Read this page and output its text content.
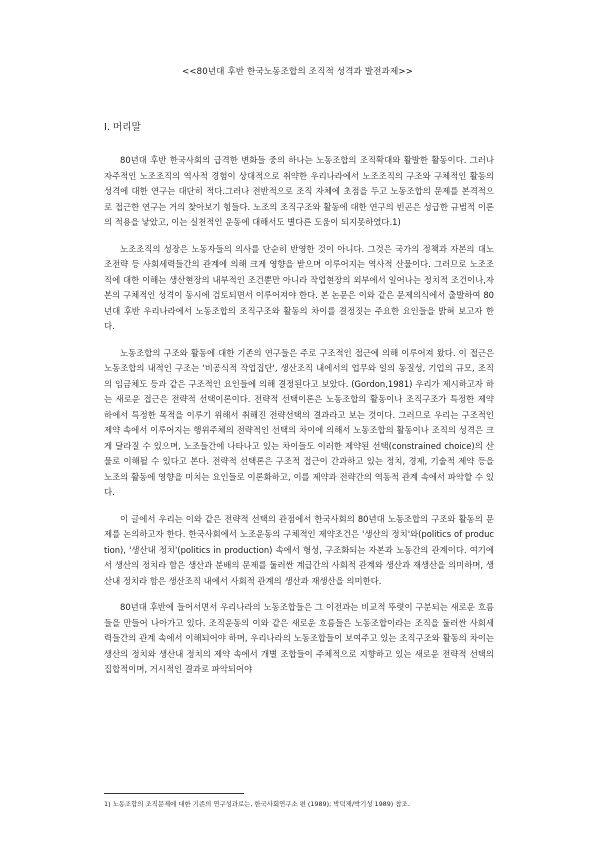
<<80년대 후반 한국노동조합의 조직적 성격과 발전과제>>
I. 머리말

80년대 후반 한국사회의 급격한 변화들 중의 하나는 노동조합의 조직확대와 활발한 활동이다. 그러나 자주적인 노조조직의 역사적 경험이 상대적으로 취약한 우리나라에서 노조조직의 구조와 구체적인 활동의 성격에 대한 연구는 대단히 적다.그러나 전반적으로 조직 자체에 초점을 두고 노동조합의 문제를 본격적으로 접근한 연구는 거의 찾아보기 힘들다. 노조의 조직구조와 활동에 대한 연구의 빈곤은 성급한 규범적 이론의 적용을 낳았고, 이는 실천적인 운동에 대해서도 별다른 도움이 되지못하였다.1)

노조조직의 성장은 노동자들의 의사를 단순히 반영한 것이 아니다. 그것은 국가의 정책과 자본의 대노조전략 등 사회세력들간의 관계에 의해 크게 영향을 받으며 이루어지는 역사적 산물이다. 그러므로 노조조직에 대한 이해는 생산현장의 내부적인 조건뿐만 아니라 작업현장의 외부에서 일어나는 정치적 조건이나,자본의 구체적인 성격이 동시에 검토되면서 이루어져야 한다. 본 논문은 이와 같은 문제의식에서 출발하여 80년대 후반 우리나라에서 노동조합의 조직구조와 활동의 차이를 결정짓는 주요한 요인들을 밝혀 보고자 한다.

노동조합의 구조와 활동에 대한 기존의 연구들은 주로 구조적인 접근에 의해 이루어져 왔다. 이 접근은 노동조합의 내적인 구조는 '비공식적 작업집단', 생산조직 내에서의 업무와 일의 동질성, 기업의 규모, 조직의 임금체도 등과 같은 구조적인 요인들에 의해 결정된다고 보았다. (Gordon,1981) 우리가 제시하고자 하는 새로운 접근은 전략적 선택이론이다. 전략적 선택이론은 노동조합의 활동이나 조직구조가 특정한 제약 하에서 특정한 목적을 이루기 위해서 취해진 전략선택의 결과라고 보는 것이다. 그러므로 우리는 구조적인 제약 속에서 이루어지는 행위주체의 전략적인 선택의 차이에 의해서 노동조합의 활동이나 조직의 성격은 크게 달라질 수 있으며, 노조들간에 나타나고 있는 차이들도 이러한 제약된 선택(constrained choice)의 산물로 이해될 수 있다고 본다. 전략적 선택론은 구조적 접근이 간과하고 있는 정치, 경제, 기술적 제약 등을 노조의 활동에 영향을 미치는 요인들로 이론화하고, 이를 제약과 전략간의 역동적 관계 속에서 파악할 수 있다.

이 글에서 우리는 이와 같은 전략적 선택의 관점에서 한국사회의 80년대 노동조합의 구조와 활동의 문제를 논의하고자 한다. 한국사회에서 노조운동의 구체적인 제약조건은 '생산의 정치'와(politics of production), '생산내 정치'(politics in production) 속에서 형성, 구조화되는 자본과 노동간의 관계이다. 여기에서 생산의 정치라 함은 생산과 분배의 문제를 둘러싼 계급간의 사회적 관계와 생산과 재생산을 의미하며, 생산내 정치라 함은 생산조직 내에서 사회적 관계의 생산과 재생산을 의미한다.

80년대 후반에 들어서면서 우리나라의 노동조합들은 그 이전과는 비교적 뚜렷이 구분되는 새로운 흐름들을 만들어 나아가고 있다. 조직운동의 이와 같은 새로운 흐름들은 노동조합이라는 조직을 둘러싼 사회세력들간의 관계 속에서 이해되어야 하며, 우리나라의 노동조합들이 보여주고 있는 조직구조와 활동의 차이는 생산의 정치와 생산내 정치의 제약 속에서 개별 조합들이 주체적으로 지향하고 있는 새로운 전략적 선택의 집합적이며, 거시적인 결과로 파악되어야

1) 노동조합의 조직문제에 대한 기존의 연구성과로는, 한국사회연구소 편 (1989); 박덕제/박기성 1989) 참조.
